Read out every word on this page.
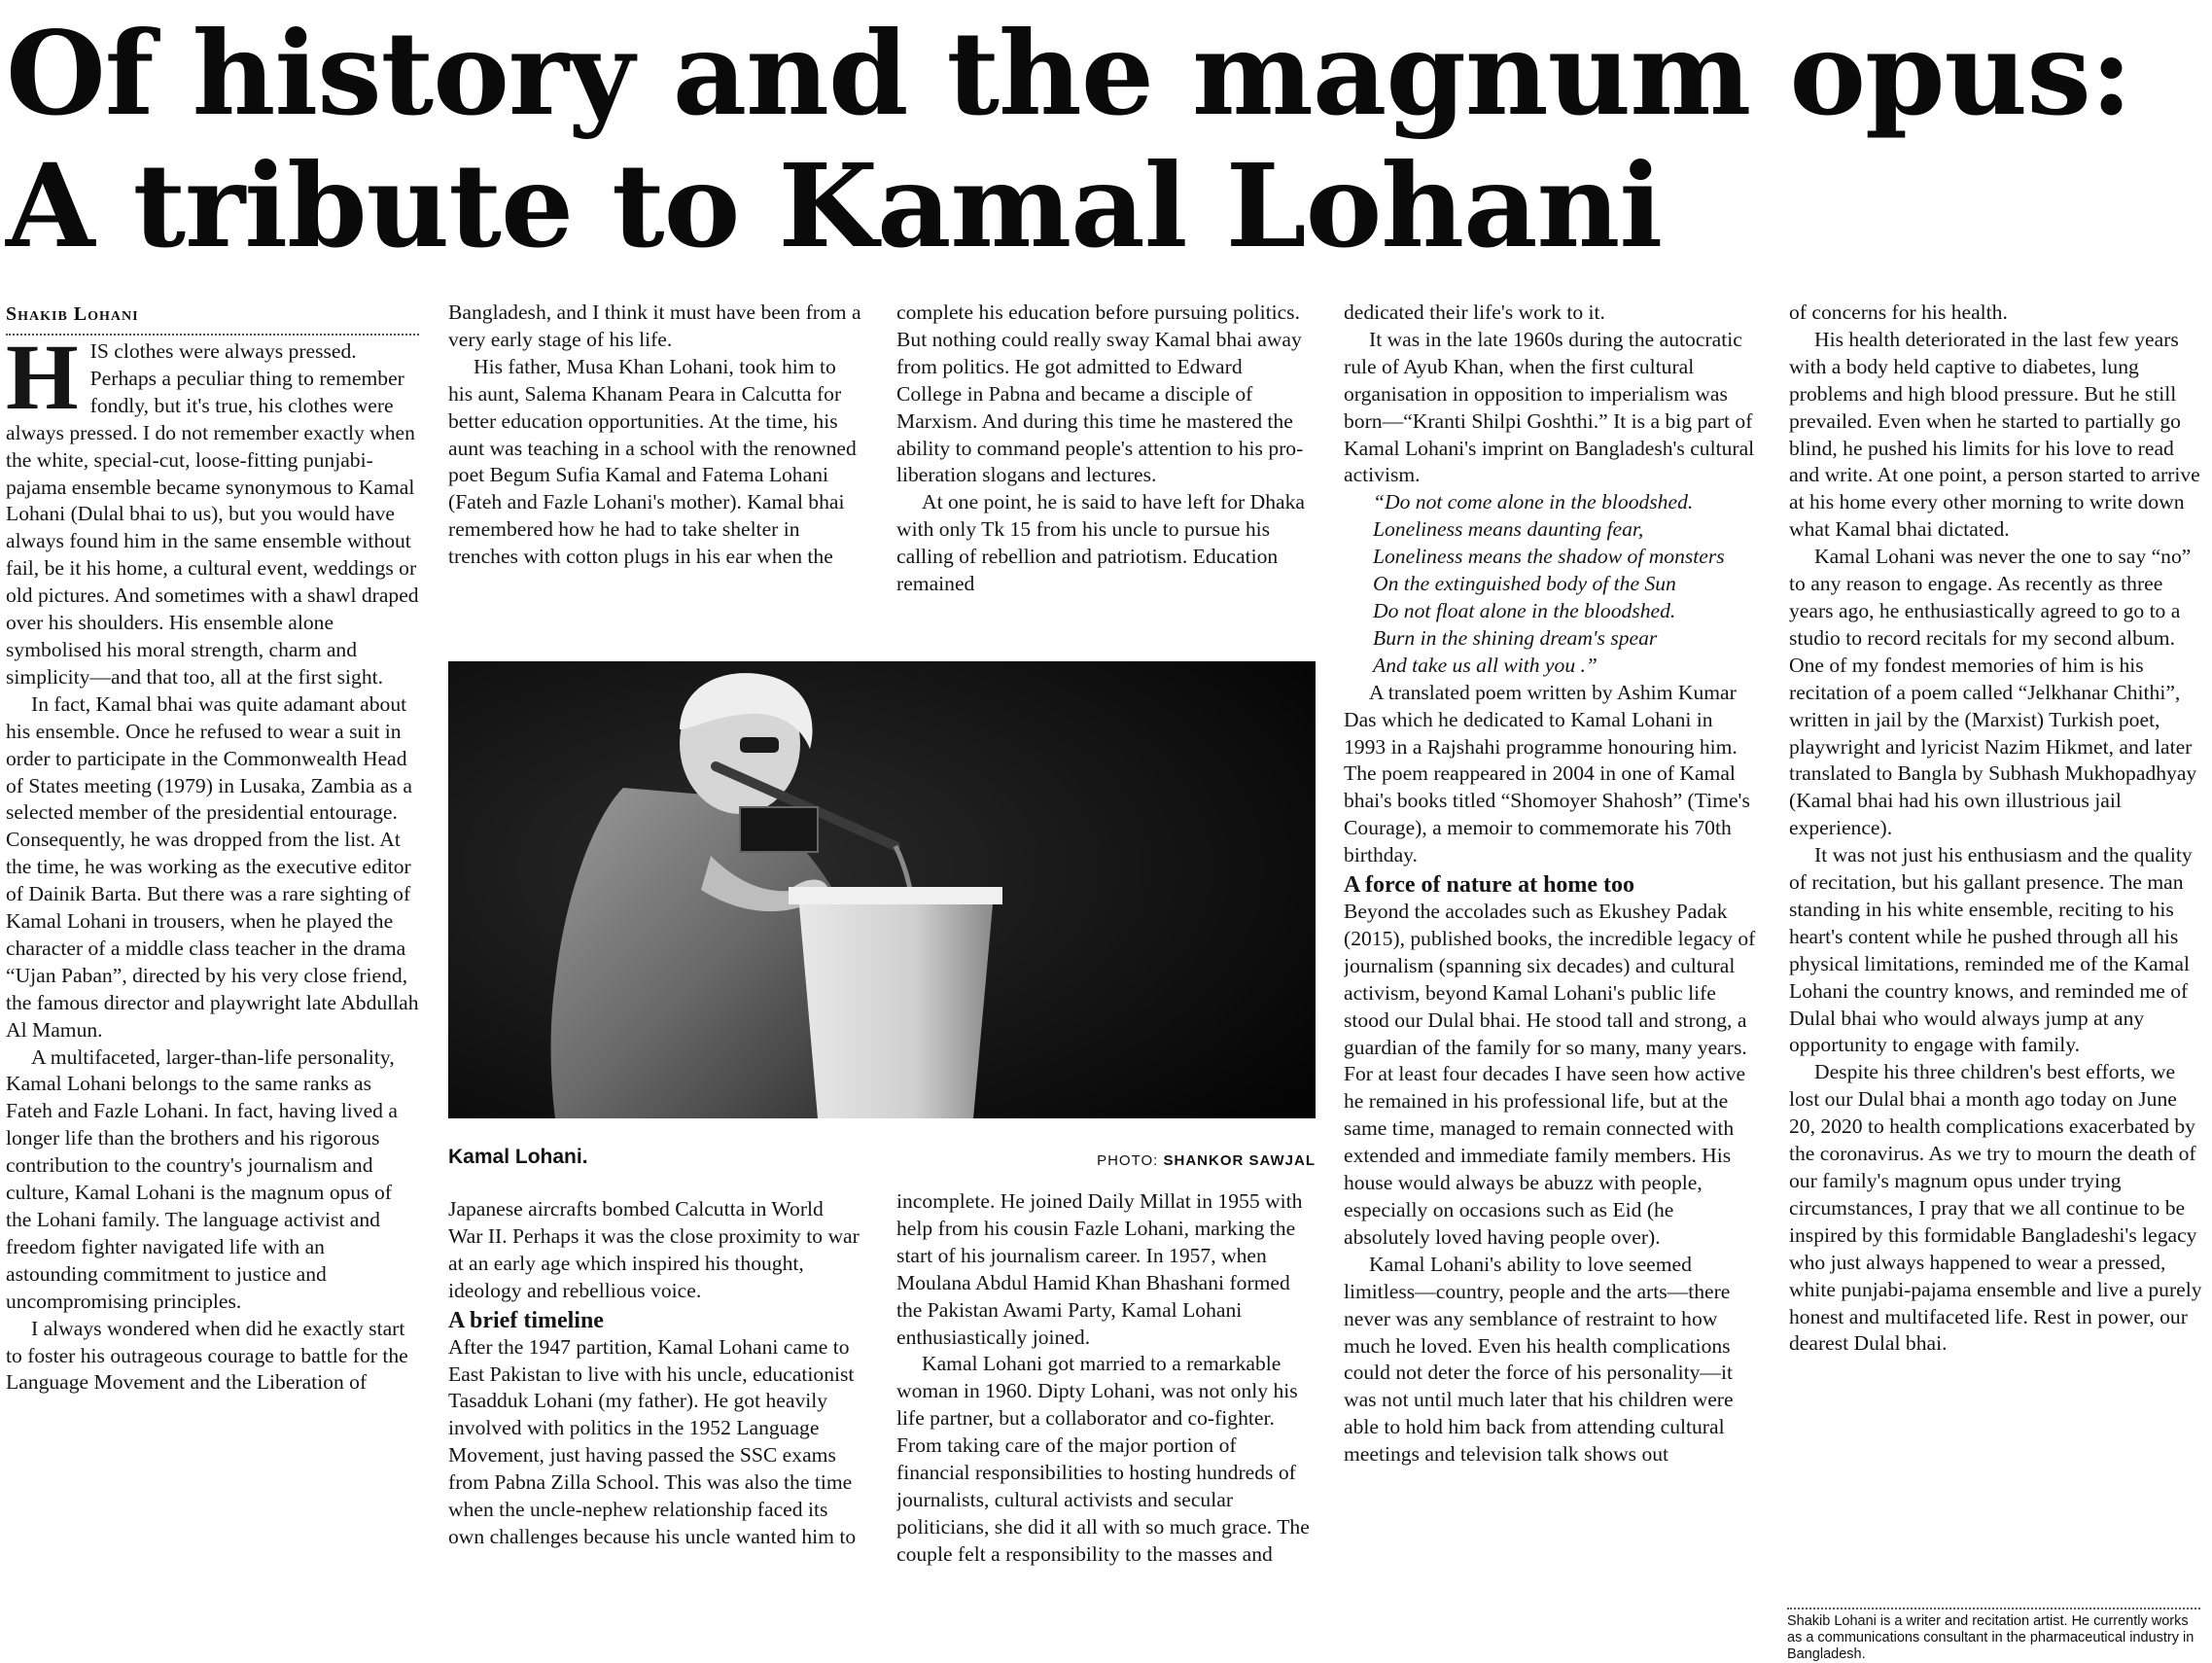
Of history and the magnum opus:
A tribute to Kamal Lohani
Shakib Lohani

HIS clothes were always pressed. Perhaps a peculiar thing to remember fondly, but it's true, his clothes were always pressed. I do not remember exactly when the white, special-cut, loose-fitting punjabi-pajama ensemble became synonymous to Kamal Lohani (Dulal bhai to us), but you would have always found him in the same ensemble without fail, be it his home, a cultural event, weddings or old pictures. And sometimes with a shawl draped over his shoulders. His ensemble alone symbolised his moral strength, charm and simplicity—and that too, all at the first sight.

In fact, Kamal bhai was quite adamant about his ensemble. Once he refused to wear a suit in order to participate in the Commonwealth Head of States meeting (1979) in Lusaka, Zambia as a selected member of the presidential entourage. Consequently, he was dropped from the list. At the time, he was working as the executive editor of Dainik Barta. But there was a rare sighting of Kamal Lohani in trousers, when he played the character of a middle class teacher in the drama “Ujan Paban”, directed by his very close friend, the famous director and playwright late Abdullah Al Mamun.

A multifaceted, larger-than-life personality, Kamal Lohani belongs to the same ranks as Fateh and Fazle Lohani. In fact, having lived a longer life than the brothers and his rigorous contribution to the country's journalism and culture, Kamal Lohani is the magnum opus of the Lohani family. The language activist and freedom fighter navigated life with an astounding commitment to justice and uncompromising principles.

I always wondered when did he exactly start to foster his outrageous courage to battle for the Language Movement and the Liberation of

Bangladesh, and I think it must have been from a very early stage of his life.

His father, Musa Khan Lohani, took him to his aunt, Salema Khanam Peara in Calcutta for better education opportunities. At the time, his aunt was teaching in a school with the renowned poet Begum Sufia Kamal and Fatema Lohani (Fateh and Fazle Lohani's mother). Kamal bhai remembered how he had to take shelter in trenches with cotton plugs in his ear when the

complete his education before pursuing politics. But nothing could really sway Kamal bhai away from politics. He got admitted to Edward College in Pabna and became a disciple of Marxism. And during this time he mastered the ability to command people's attention to his pro-liberation slogans and lectures.

At one point, he is said to have left for Dhaka with only Tk 15 from his uncle to pursue his calling of rebellion and patriotism. Education remained

Kamal Lohani.	PHOTO: SHANKOR SAWJAL

Japanese aircrafts bombed Calcutta in World War II. Perhaps it was the close proximity to war at an early age which inspired his thought, ideology and rebellious voice.

A brief timeline

After the 1947 partition, Kamal Lohani came to East Pakistan to live with his uncle, educationist Tasadduk Lohani (my father). He got heavily involved with politics in the 1952 Language Movement, just having passed the SSC exams from Pabna Zilla School. This was also the time when the uncle-nephew relationship faced its own challenges because his uncle wanted him to

incomplete. He joined Daily Millat in 1955 with help from his cousin Fazle Lohani, marking the start of his journalism career. In 1957, when Moulana Abdul Hamid Khan Bhashani formed the Pakistan Awami Party, Kamal Lohani enthusiastically joined.

Kamal Lohani got married to a remarkable woman in 1960. Dipty Lohani, was not only his life partner, but a collaborator and co-fighter. From taking care of the major portion of financial responsibilities to hosting hundreds of journalists, cultural activists and secular politicians, she did it all with so much grace. The couple felt a responsibility to the masses and

dedicated their life's work to it.

It was in the late 1960s during the autocratic rule of Ayub Khan, when the first cultural organisation in opposition to imperialism was born—“Kranti Shilpi Goshthi.” It is a big part of Kamal Lohani's imprint on Bangladesh's cultural activism.

“Do not come alone in the bloodshed.

Loneliness means daunting fear,

Loneliness means the shadow of monsters

On the extinguished body of the Sun

Do not float alone in the bloodshed.

Burn in the shining dream's spear

And take us all with you .”

A translated poem written by Ashim Kumar Das which he dedicated to Kamal Lohani in 1993 in a Rajshahi programme honouring him. The poem reappeared in 2004 in one of Kamal bhai's books titled “Shomoyer Shahosh” (Time's Courage), a memoir to commemorate his 70th birthday.

A force of nature at home too

Beyond the accolades such as Ekushey Padak (2015), published books, the incredible legacy of journalism (spanning six decades) and cultural activism, beyond Kamal Lohani's public life stood our Dulal bhai. He stood tall and strong, a guardian of the family for so many, many years. For at least four decades I have seen how active he remained in his professional life, but at the same time, managed to remain connected with extended and immediate family members. His house would always be abuzz with people, especially on occasions such as Eid (he absolutely loved having people over).

Kamal Lohani's ability to love seemed limitless—country, people and the arts—there never was any semblance of restraint to how much he loved. Even his health complications could not deter the force of his personality—it was not until much later that his children were able to hold him back from attending cultural meetings and television talk shows out

of concerns for his health.

His health deteriorated in the last few years with a body held captive to diabetes, lung problems and high blood pressure. But he still prevailed. Even when he started to partially go blind, he pushed his limits for his love to read and write. At one point, a person started to arrive at his home every other morning to write down what Kamal bhai dictated.

Kamal Lohani was never the one to say “no” to any reason to engage. As recently as three years ago, he enthusiastically agreed to go to a studio to record recitals for my second album. One of my fondest memories of him is his recitation of a poem called “Jelkhanar Chithi”, written in jail by the (Marxist) Turkish poet, playwright and lyricist Nazim Hikmet, and later translated to Bangla by Subhash Mukhopadhyay (Kamal bhai had his own illustrious jail experience).

It was not just his enthusiasm and the quality of recitation, but his gallant presence. The man standing in his white ensemble, reciting to his heart's content while he pushed through all his physical limitations, reminded me of the Kamal Lohani the country knows, and reminded me of Dulal bhai who would always jump at any opportunity to engage with family.

Despite his three children's best efforts, we lost our Dulal bhai a month ago today on June 20, 2020 to health complications exacerbated by the coronavirus. As we try to mourn the death of our family's magnum opus under trying circumstances, I pray that we all continue to be inspired by this formidable Bangladeshi's legacy who just always happened to wear a pressed, white punjabi-pajama ensemble and live a purely honest and multifaceted life. Rest in power, our dearest Dulal bhai.

Shakib Lohani is a writer and recitation artist. He currently works as a communications consultant in the pharmaceutical industry in Bangladesh.
